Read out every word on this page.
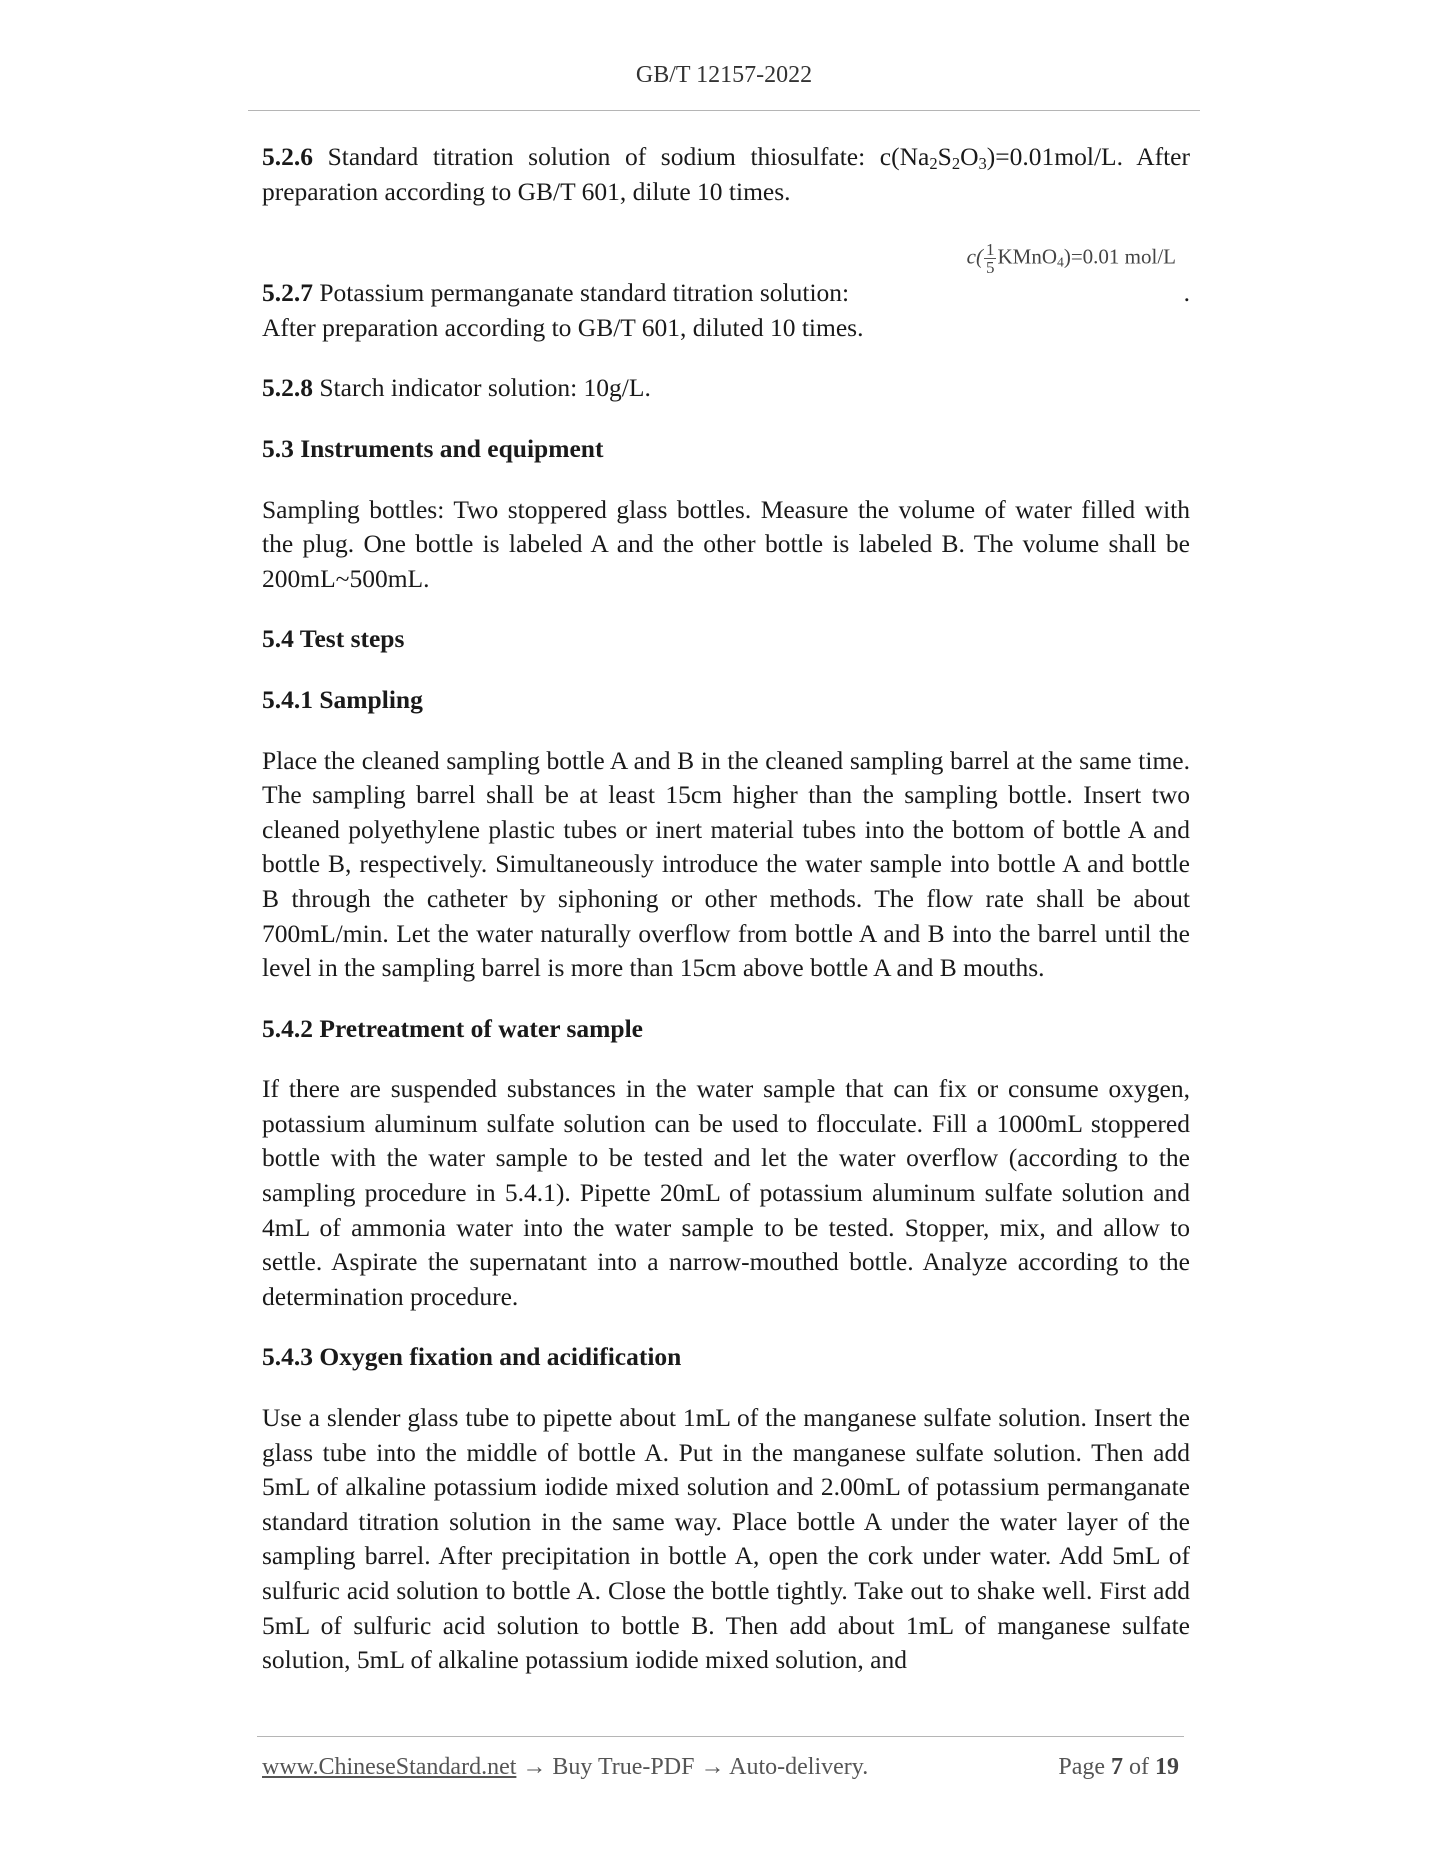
GB/T 12157-2022

5.2.6 Standard titration solution of sodium thiosulfate: $c(Na_2S_2O_3)=0.01mol/L$. After preparation according to GB/T 601, dilute 10 times.

$c( \frac{1}{5}$ KMnO$_4$)=0.01 mol/L

5.2.7 Potassium permanganate standard titration solution:	.

After preparation according to GB/T 601, diluted 10 times.

5.2.8 Starch indicator solution: 10g/L.

5.3 Instruments and equipment

Sampling bottles: Two stoppered glass bottles. Measure the volume of water filled with the plug. One bottle is labeled A and the other bottle is labeled B. The volume shall be 200mL~500mL.

5.4 Test steps

5.4.1 Sampling

Place the cleaned sampling bottle A and B in the cleaned sampling barrel at the same time. The sampling barrel shall be at least 15cm higher than the sampling bottle. Insert two cleaned polyethylene plastic tubes or inert material tubes into the bottom of bottle A and bottle B, respectively. Simultaneously introduce the water sample into bottle A and bottle B through the catheter by siphoning or other methods. The flow rate shall be about 700mL/min. Let the water naturally overflow from bottle A and B into the barrel until the level in the sampling barrel is more than 15cm above bottle A and B mouths.

5.4.2 Pretreatment of water sample

If there are suspended substances in the water sample that can fix or consume oxygen, potassium aluminum sulfate solution can be used to flocculate. Fill a 1000mL stoppered bottle with the water sample to be tested and let the water overflow (according to the sampling procedure in 5.4.1). Pipette 20mL of potassium aluminum sulfate solution and 4mL of ammonia water into the water sample to be tested. Stopper, mix, and allow to settle. Aspirate the supernatant into a narrow-mouthed bottle. Analyze according to the determination procedure.

5.4.3 Oxygen fixation and acidification

Use a slender glass tube to pipette about 1mL of the manganese sulfate solution. Insert the glass tube into the middle of bottle A. Put in the manganese sulfate solution. Then add 5mL of alkaline potassium iodide mixed solution and 2.00mL of potassium permanganate standard titration solution in the same way. Place bottle A under the water layer of the sampling barrel. After precipitation in bottle A, open the cork under water. Add 5mL of sulfuric acid solution to bottle A. Close the bottle tightly. Take out to shake well. First add 5mL of sulfuric acid solution to bottle B. Then add about 1mL of manganese sulfate solution, 5mL of alkaline potassium iodide mixed solution, and

www.ChineseStandard.net → Buy True-PDF → Auto-delivery.	Page 7 of 19
